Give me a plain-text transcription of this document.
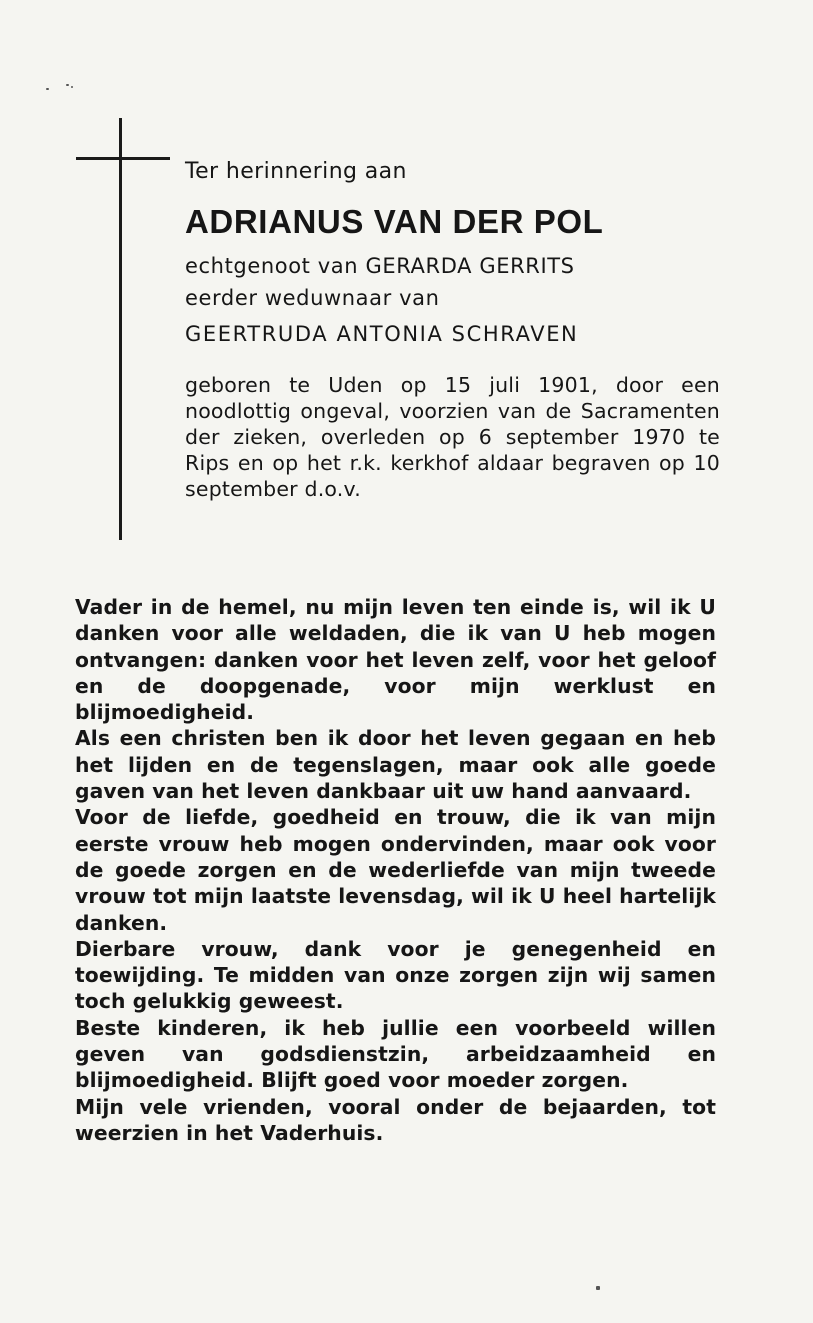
Ter herinnering aan

ADRIANUS VAN DER POL

echtgenoot van GERARDA GERRITS

eerder weduwnaar van

GEERTRUDA ANTONIA SCHRAVEN

geboren te Uden op 15 juli 1901, door een noodlottig ongeval, voorzien van de Sacramenten der zieken, overleden op 6 september 1970 te Rips en op het r.k. kerkhof aldaar begraven op 10 september d.o.v.

Vader in de hemel, nu mijn leven ten einde is, wil ik U danken voor alle weldaden, die ik van U heb mogen ontvangen: danken voor het leven zelf, voor het geloof en de doopgenade, voor mijn werklust en blijmoedigheid.

Als een christen ben ik door het leven gegaan en heb het lijden en de tegenslagen, maar ook alle goede gaven van het leven dankbaar uit uw hand aanvaard.

Voor de liefde, goedheid en trouw, die ik van mijn eerste vrouw heb mogen ondervinden, maar ook voor de goede zorgen en de wederliefde van mijn tweede vrouw tot mijn laatste levensdag, wil ik U heel hartelijk danken.

Dierbare vrouw, dank voor je genegenheid en toewijding. Te midden van onze zorgen zijn wij samen toch gelukkig geweest.

Beste kinderen, ik heb jullie een voorbeeld willen geven van godsdienstzin, arbeidzaamheid en blijmoedigheid. Blijft goed voor moeder zorgen.

Mijn vele vrienden, vooral onder de bejaarden, tot weerzien in het Vaderhuis.
